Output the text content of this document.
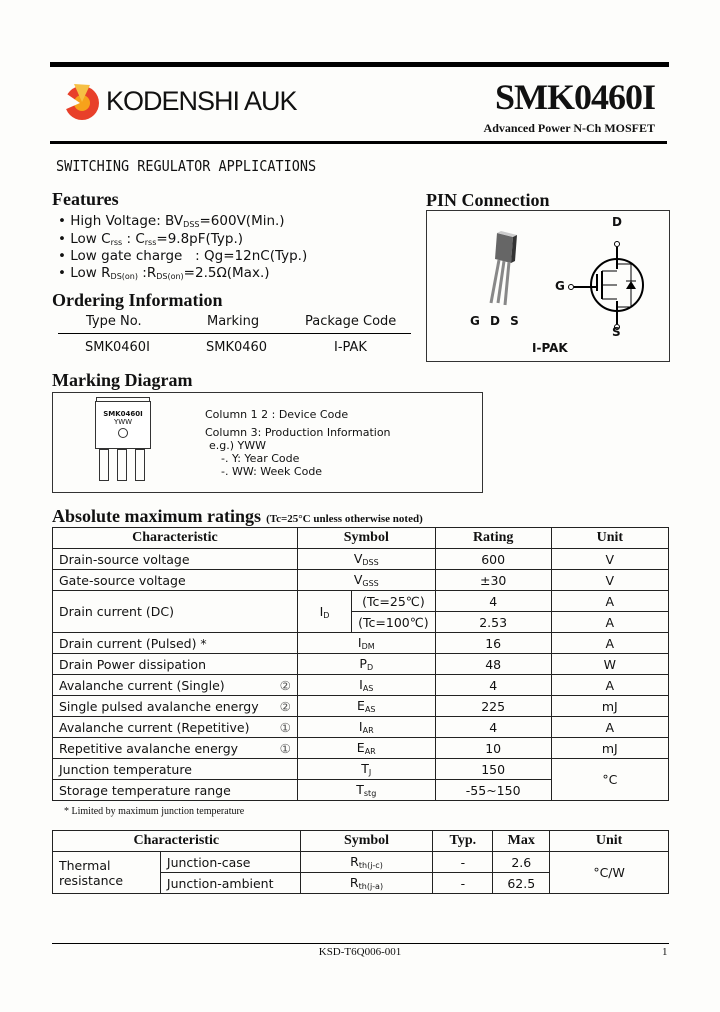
KODENSHI AUK	SMK0460I
Advanced Power N-Ch MOSFET
SWITCHING REGULATOR APPLICATIONS
Features
• High Voltage: $BV_{DSS}=600V(Min.)$
• Low $C_{rss}$ : $C_{rss}=9.8pF(Typ.)$
• Low gate charge   : Qg=12nC(Typ.)
• Low $R_{DS(on)}$ $:R_{DS(on)}=2.5\Omega(Max.)$
Ordering Information
Type No.	Marking	Package Code
SMK0460I	SMK0460	I-PAK
PIN Connection
G D S
D
G
S
I-PAK
Marking Diagram
SMK0460I
YWW
Column 1 2 : Device Code
Column 3: Production Information
e.g.) YWW
-. Y: Year Code
-. WW: Week Code
Absolute maximum ratings (Tc=25°C unless otherwise noted)
Characteristic	Symbol		Rating	Unit
Drain-source voltage	$V_{DSS}$		600	V
Gate-source voltage	$V_{GSS}$		±30	V
Drain current (DC)	$I_D$	(Tc=25℃)	4	A
		(Tc=100℃)	2.53	A
Drain current (Pulsed) *	$I_{DM}$		16	A
Drain Power dissipation	$P_D$		48	W
Avalanche current (Single) ②	$I_{AS}$		4	A
Single pulsed avalanche energy ②	$E_{AS}$		225	mJ
Avalanche current (Repetitive) ①	$I_{AR}$		4	A
Repetitive avalanche energy ①	$E_{AR}$		10	mJ
Junction temperature	$T_J$		150	°C
Storage temperature range	$T_{stg}$		-55~150	
* Limited by maximum junction temperature
Characteristic		Symbol	Typ.	Max	Unit
Thermal resistance	Junction-case	$R_{th(j-c)}$	-	2.6	°C/W
	Junction-ambient	$R_{th(j-a)}$	-	62.5	
KSD-T6Q006-001	1
